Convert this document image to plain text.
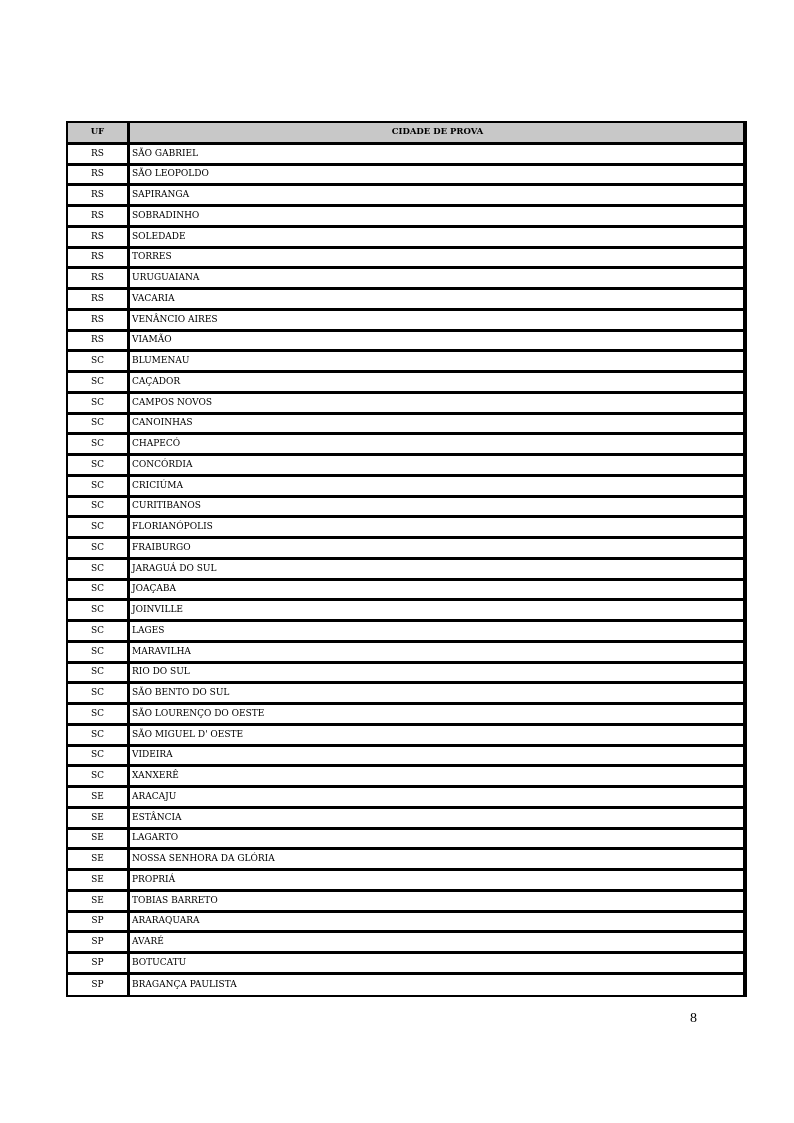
UF	CIDADE DE PROVA
RS	SÃO GABRIEL
RS	SÃO LEOPOLDO
RS	SAPIRANGA
RS	SOBRADINHO
RS	SOLEDADE
RS	TORRES
RS	URUGUAIANA
RS	VACARIA
RS	VENÂNCIO AIRES
RS	VIAMÃO
SC	BLUMENAU
SC	CAÇADOR
SC	CAMPOS NOVOS
SC	CANOINHAS
SC	CHAPECÓ
SC	CONCÓRDIA
SC	CRICIÚMA
SC	CURITIBANOS
SC	FLORIANÓPOLIS
SC	FRAIBURGO
SC	JARAGUÁ DO SUL
SC	JOAÇABA
SC	JOINVILLE
SC	LAGES
SC	MARAVILHA
SC	RIO DO SUL
SC	SÃO BENTO DO SUL
SC	SÃO LOURENÇO DO OESTE
SC	SÃO MIGUEL D' OESTE
SC	VIDEIRA
SC	XANXERÊ
SE	ARACAJU
SE	ESTÂNCIA
SE	LAGARTO
SE	NOSSA SENHORA DA GLÓRIA
SE	PROPRIÁ
SE	TOBIAS BARRETO
SP	ARARAQUARA
SP	AVARÉ
SP	BOTUCATU
SP	BRAGANÇA PAULISTA
8
